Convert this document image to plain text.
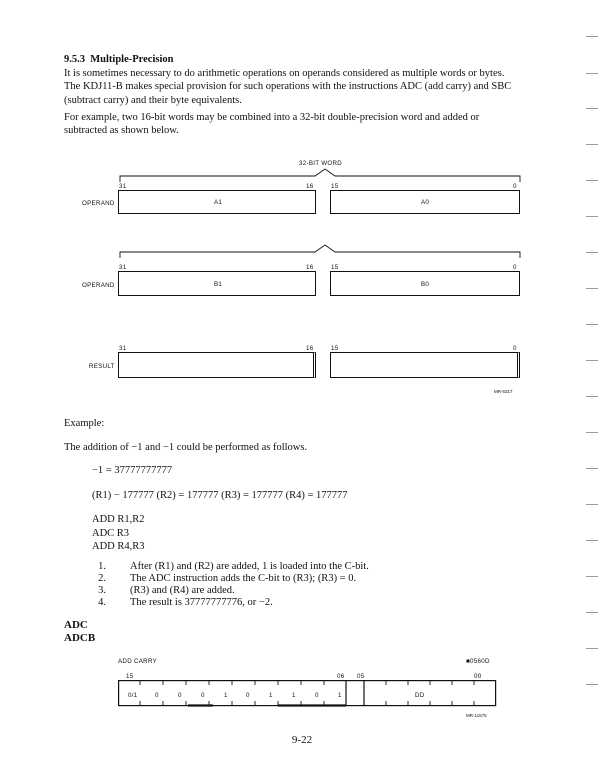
9.5.3 Multiple-Precision
It is sometimes necessary to do arithmetic operations on operands considered as multiple words or bytes.
The KDJ11-B makes special provision for such operations with the instructions ADC (add carry) and SBC
(subtract carry) and their byte equivalents.
For example, two 16-bit words may be combined into a 32-bit double-precision word and added or
subtracted as shown below.
32-BIT WORD
31	16	15	0
OPERAND	A1	A0
31	16	15	0
OPERAND	B1	B0
31	16	15	0
RESULT
MR-6317
Example:
The addition of −1 and −1 could be performed as follows.
−1 = 37777777777
(R1) − 177777 (R2) = 177777 (R3) = 177777 (R4) = 177777
ADD R1,R2
ADC R3
ADD R4,R3
1. After (R1) and (R2) are added, 1 is loaded into the C-bit.
2. The ADC instruction adds the C-bit to (R3); (R3) = 0.
3. (R3) and (R4) are added.
4. The result is 37777777776, or −2.
ADC
ADCB
ADD CARRY	■0560D
15	06 05	00
0/1	0	0	0	1	0	1	1	0	1	DD
MR-11575
9-22
